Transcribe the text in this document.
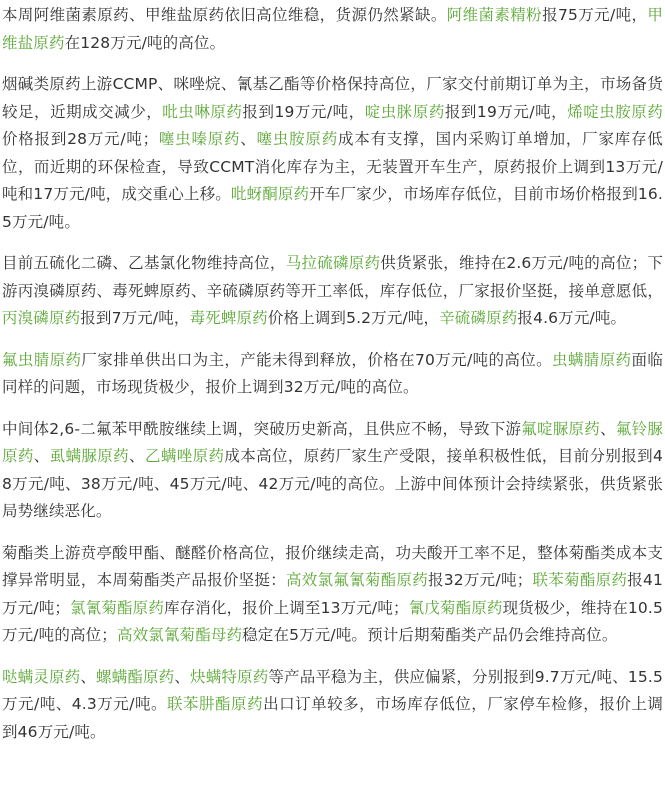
本周阿维菌素原药、甲维盐原药依旧高位维稳，货源仍然紧缺。阿维菌素精粉报75万元/吨，甲维盐原药在128万元/吨的高位。

烟碱类原药上游CCMP、咪唑烷、氰基乙酯等价格保持高位，厂家交付前期订单为主，市场备货较足，近期成交减少，吡虫啉原药报到19万元/吨，啶虫脒原药报到19万元/吨，烯啶虫胺原药价格报到28万元/吨；噻虫嗪原药、噻虫胺原药成本有支撑，国内采购订单增加，厂家库存低位，而近期的环保检查，导致CCMT消化库存为主，无装置开车生产，原药报价上调到13万元/吨和17万元/吨，成交重心上移。吡蚜酮原药开车厂家少，市场库存低位，目前市场价格报到16.5万元/吨。

目前五硫化二磷、乙基氯化物维持高位，马拉硫磷原药供货紧张，维持在2.6万元/吨的高位；下游丙溴磷原药、毒死蜱原药、辛硫磷原药等开工率低，库存低位，厂家报价坚挺，接单意愿低，丙溴磷原药报到7万元/吨，毒死蜱原药价格上调到5.2万元/吨，辛硫磷原药报4.6万元/吨。

氟虫腈原药厂家排单供出口为主，产能未得到释放，价格在70万元/吨的高位。虫螨腈原药面临同样的问题，市场现货极少，报价上调到32万元/吨的高位。

中间体2,6-二氟苯甲酰胺继续上调，突破历史新高，且供应不畅，导致下游氟啶脲原药、氟铃脲原药、虱螨脲原药、乙螨唑原药成本高位，原药厂家生产受限，接单积极性低，目前分别报到48万元/吨、38万元/吨、45万元/吨、42万元/吨的高位。上游中间体预计会持续紧张，供货紧张局势继续恶化。

菊酯类上游贲亭酸甲酯、醚醛价格高位，报价继续走高，功夫酸开工率不足，整体菊酯类成本支撑异常明显，本周菊酯类产品报价坚挺：高效氯氟氰菊酯原药报32万元/吨；联苯菊酯原药报41万元/吨；氯氰菊酯原药库存消化，报价上调至13万元/吨；氰戊菊酯原药现货极少，维持在10.5万元/吨的高位；高效氯氰菊酯母药稳定在5万元/吨。预计后期菊酯类产品仍会维持高位。

哒螨灵原药、螺螨酯原药、炔螨特原药等产品平稳为主，供应偏紧，分别报到9.7万元/吨、15.5万元/吨、4.3万元/吨。联苯肼酯原药出口订单较多，市场库存低位，厂家停车检修，报价上调到46万元/吨。
